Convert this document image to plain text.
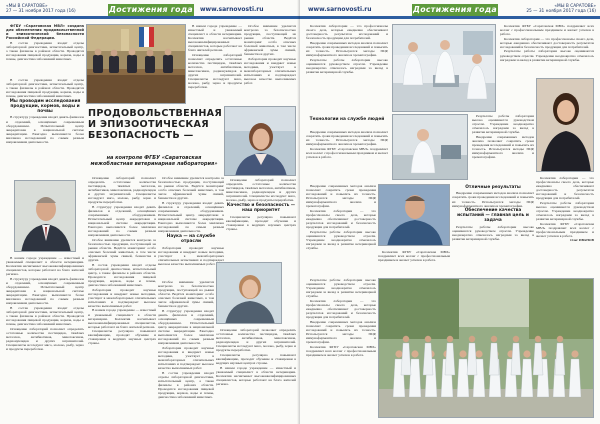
«МЫ В САРАТОВЕ»
27 — 31 ноября 2017 года (16)	Достижения года www.sarnovosti.ru

ФГБУ «Саратовская МВЛ» создана для обеспечения продовольственной и эпизоотической безопасности Российской Федерации.

В состав учреждения входят отделы лабораторной диагностики, испытательный центр, а также филиалы в районах области. Проводятся исследования пищевой продукции, кормов, воды и почвы, диагностика заболеваний животных.

В нашем городе учреждение — известный и уважаемый специалист в области ветеринарии. Коллектив насчитывает высококвалифицированных специалистов, которые работают на благо жителей региона.

Оснащение лабораторий позволяет определять остаточные количества пестицидов, тяжёлых металлов, антибиотиков, микотоксинов, радионуклидов и других загрязнителей. Специалисты исследуют мясо, молоко, рыбу, зерно и продукты переработки.

Особое внимание уделяется контролю за безопасностью продукции, поступающей на рынки области. Ведётся мониторинг особо опасных болезней животных, в том числе африканской чумы свиней, бешенства и других.

Лаборатория проводит научные исследования и внедряет новые методики, участвует в межлабораторных сличительных испытаниях и подтверждает высокое качество выполняемых работ.

В состав учреждения входят отделы лабораторной диагностики, испытательный центр, а также филиалы в районах области. Проводятся исследования пищевой продукции, кормов, воды и почвы, диагностика заболеваний животных.

Мы проводим исследования продукции, кормов, воды и почвы

В структуру учреждения входят девять филиалов и отделений, оснащённых современным оборудованием. Испытательный центр аккредитован в национальной системе аккредитации. Ежегодно выполняется более миллиона исследований по самым разным направлениям деятельности.

ПРОДОВОЛЬСТВЕННАЯ И ЭПИЗООТИЧЕСКАЯ БЕЗОПАСНОСТЬ —
на контроле ФГБУ «Саратовская межобластная ветеринарная лаборатория»

В нашем городе учреждение — известный и уважаемый специалист в области ветеринарии. Коллектив насчитывает высококвалифицированных специалистов, которые работают на благо жителей региона.

В структуру учреждения входят девять филиалов и отделений, оснащённых современным оборудованием. Испытательный центр аккредитован в национальной системе аккредитации. Ежегодно выполняется более миллиона исследований по самым разным направлениям деятельности.

В состав учреждения входят отделы лабораторной диагностики, испытательный центр, а также филиалы в районах области. Проводятся исследования пищевой продукции, кормов, воды и почвы, диагностика заболеваний животных.

Оснащение лабораторий позволяет определять остаточные количества пестицидов, тяжёлых металлов, антибиотиков, микотоксинов, радионуклидов и других загрязнителей. Специалисты исследуют мясо, молоко, рыбу, зерно и продукты переработки.

Оснащение лабораторий позволяет определять остаточные количества пестицидов, тяжёлых металлов, антибиотиков, микотоксинов, радионуклидов и других загрязнителей. Специалисты исследуют мясо, молоко, рыбу, зерно и продукты переработки.

В структуру учреждения входят девять филиалов и отделений, оснащённых современным оборудованием. Испытательный центр аккредитован в национальной системе аккредитации. Ежегодно выполняется более миллиона исследований по самым разным направлениям деятельности.

Особое внимание уделяется контролю за безопасностью продукции, поступающей на рынки области. Ведётся мониторинг особо опасных болезней животных, в том числе африканской чумы свиней, бешенства и других.

В состав учреждения входят отделы лабораторной диагностики, испытательный центр, а также филиалы в районах области. Проводятся исследования пищевой продукции, кормов, воды и почвы, диагностика заболеваний животных.

Лаборатория проводит научные исследования и внедряет новые методики, участвует в межлабораторных сличительных испытаниях и подтверждает высокое качество выполняемых работ.

В нашем городе учреждение — известный и уважаемый специалист в области ветеринарии. Коллектив насчитывает высококвалифицированных специалистов, которые работают на благо жителей региона.

Специалисты регулярно повышают квалификацию, проходят обучение и стажировки в ведущих научных центрах страны.

Особое внимание уделяется контролю за безопасностью продукции, поступающей на рынки области. Ведётся мониторинг особо опасных болезней животных, в том числе африканской чумы свиней, бешенства и других.

В структуру учреждения входят девять филиалов и отделений, оснащённых современным оборудованием. Испытательный центр аккредитован в национальной системе аккредитации. Ежегодно выполняется более миллиона исследований по самым разным направлениям деятельности.

Наука — на службе отрасли

Лаборатория проводит научные исследования и внедряет новые методики, участвует в межлабораторных сличительных испытаниях и подтверждает высокое качество выполняемых работ.

Оснащение лабораторий позволяет определять остаточные количества пестицидов, тяжёлых металлов, антибиотиков, микотоксинов, радионуклидов и других загрязнителей. Специалисты исследуют мясо, молоко, рыбу, зерно и продукты переработки.

Качество и безопасность — наш приоритет

Специалисты регулярно повышают квалификацию, проходят обучение и стажировки в ведущих научных центрах страны.

Особое внимание уделяется контролю за безопасностью продукции, поступающей на рынки области. Ведётся мониторинг особо опасных болезней животных, в том числе африканской чумы свиней, бешенства и других.

В структуру учреждения входят девять филиалов и отделений, оснащённых современным оборудованием. Испытательный центр аккредитован в национальной системе аккредитации. Ежегодно выполняется более миллиона исследований по самым разным направлениям деятельности.

Лаборатория проводит научные исследования и внедряет новые методики, участвует в межлабораторных сличительных испытаниях и подтверждает высокое качество выполняемых работ.

В состав учреждения входят отделы лабораторной диагностики, испытательный центр, а также филиалы в районах области. Проводятся исследования пищевой продукции, кормов, воды и почвы, диагностика заболеваний животных.

Оснащение лабораторий позволяет определять остаточные количества пестицидов, тяжёлых металлов, антибиотиков, микотоксинов, радионуклидов и других загрязнителей. Специалисты исследуют мясо, молоко, рыбу, зерно и продукты переработки.

Специалисты регулярно повышают квалификацию, проходят обучение и стажировки в ведущих научных центрах страны.

В нашем городе учреждение — известный и уважаемый специалист в области ветеринарии. Коллектив насчитывает высококвалифицированных специалистов, которые работают на благо жителей региона.

www.sarnovosti.ru	Достижения года	«МЫ В САРАТОВЕ»
25 — 31 ноября 2017 года (16)

Коллектив лаборатории — это профессионалы своего дела, которые ежедневно обеспечивают достоверность результатов исследований и безопасность продукции для потребителей.

Внедрение современных методов анализа позволяет сократить сроки проведения исследований и повысить их точность. Используются методы ПЦР, иммуноферментного анализа и хроматографии.

Результаты работы лаборатории высоко оцениваются руководством отрасли. Учреждение неоднократно отмечалось наградами за вклад в развитие ветеринарной службы.

Коллектив ФГБУ «Саратовская МВЛ» поздравляет всех коллег с профессиональным праздником и желает успехов в работе.

Коллектив лаборатории — это профессионалы своего дела, которые ежедневно обеспечивают достоверность результатов исследований и безопасность продукции для потребителей.

Результаты работы лаборатории высоко оцениваются руководством отрасли. Учреждение неоднократно отмечалось наградами за вклад в развитие ветеринарной службы.

Технологии на службе людей

Внедрение современных методов анализа позволяет сократить сроки проведения исследований и повысить их точность. Используются методы ПЦР, иммуноферментного анализа и хроматографии.

Коллектив ФГБУ «Саратовская МВЛ» поздравляет всех коллег с профессиональным праздником и желает успехов в работе.

Результаты работы лаборатории высоко оцениваются руководством отрасли. Учреждение неоднократно отмечалось наградами за вклад в развитие ветеринарной службы.

Внедрение современных методов анализа позволяет сократить сроки проведения исследований и повысить их точность. Используются методы ПЦР, иммуноферментного анализа и хроматографии.

Коллектив лаборатории — это профессионалы своего дела, которые ежедневно обеспечивают достоверность результатов исследований и безопасность продукции для потребителей.

Результаты работы лаборатории высоко оцениваются руководством отрасли. Учреждение неоднократно отмечалось наградами за вклад в развитие ветеринарной службы.

Коллектив ФГБУ «Саратовская МВЛ» поздравляет всех коллег с профессиональным праздником и желает успехов в работе.

Олег ИВАНОВ

Внедрение современных методов анализа позволяет сократить сроки проведения исследований и повысить их точность. Используются методы ПЦР, иммуноферментного анализа и хроматографии.

Коллектив лаборатории — это профессионалы своего дела, которые ежедневно обеспечивают достоверность результатов исследований и безопасность продукции для потребителей.

Результаты работы лаборатории высоко оцениваются руководством отрасли. Учреждение неоднократно отмечалось наградами за вклад в развитие ветеринарной службы.

Отличные результаты

Внедрение современных методов анализа позволяет сократить сроки проведения исследований и повысить их точность. Используются методы ПЦР, иммуноферментного анализа и хроматографии.

Обеспечение качества испытаний — главная цель и задача

Результаты работы лаборатории высоко оцениваются руководством отрасли. Учреждение неоднократно отмечалось наградами за вклад в развитие ветеринарной службы.

Коллектив ФГБУ «Саратовская МВЛ» поздравляет всех коллег с профессиональным праздником и желает успехов в работе.

Результаты работы лаборатории высоко оцениваются руководством отрасли. Учреждение неоднократно отмечалось наградами за вклад в развитие ветеринарной службы.

Коллектив лаборатории — это профессионалы своего дела, которые ежедневно обеспечивают достоверность результатов исследований и безопасность продукции для потребителей.

Внедрение современных методов анализа позволяет сократить сроки проведения исследований и повысить их точность. Используются методы ПЦР, иммуноферментного анализа и хроматографии.

Коллектив ФГБУ «Саратовская МВЛ» поздравляет всех коллег с профессиональным праздником и желает успехов в работе.
